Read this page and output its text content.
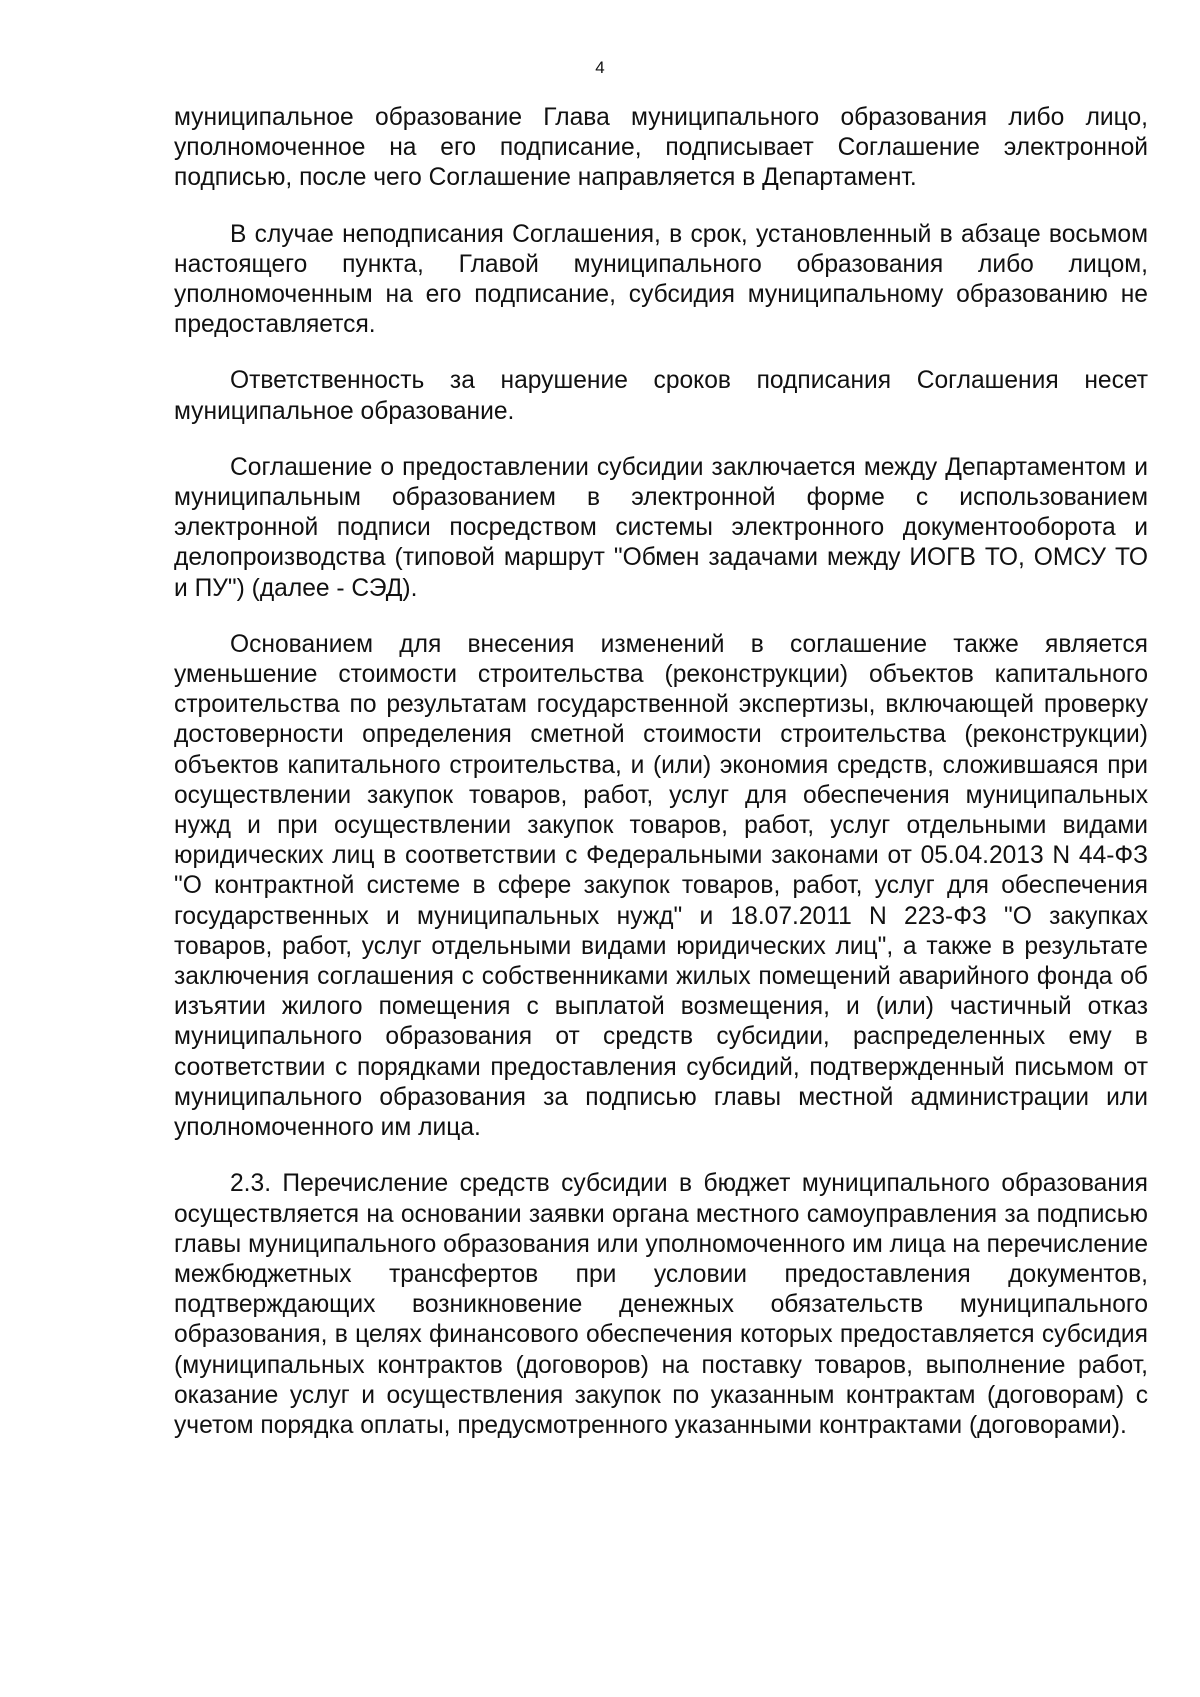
4

муниципальное образование Глава муниципального образования либо лицо, уполномоченное на его подписание, подписывает Соглашение электронной подписью, после чего Соглашение направляется в Департамент.

В случае неподписания Соглашения, в срок, установленный в абзаце восьмом настоящего пункта, Главой муниципального образования либо лицом, уполномоченным на его подписание, субсидия муниципальному образованию не предоставляется.

Ответственность за нарушение сроков подписания Соглашения несет муниципальное образование.

Соглашение о предоставлении субсидии заключается между Департаментом и муниципальным образованием в электронной форме с использованием электронной подписи посредством системы электронного документооборота и делопроизводства (типовой маршрут "Обмен задачами между ИОГВ ТО, ОМСУ ТО и ПУ") (далее - СЭД).

Основанием для внесения изменений в соглашение также является уменьшение стоимости строительства (реконструкции) объектов капитального строительства по результатам государственной экспертизы, включающей проверку достоверности определения сметной стоимости строительства (реконструкции) объектов капитального строительства, и (или) экономия средств, сложившаяся при осуществлении закупок товаров, работ, услуг для обеспечения муниципальных нужд и при осуществлении закупок товаров, работ, услуг отдельными видами юридических лиц в соответствии с Федеральными законами от 05.04.2013 N 44-ФЗ "О контрактной системе в сфере закупок товаров, работ, услуг для обеспечения государственных и муниципальных нужд" и 18.07.2011 N 223-ФЗ "О закупках товаров, работ, услуг отдельными видами юридических лиц", а также в результате заключения соглашения с собственниками жилых помещений аварийного фонда об изъятии жилого помещения с выплатой возмещения, и (или) частичный отказ муниципального образования от средств субсидии, распределенных ему в соответствии с порядками предоставления субсидий, подтвержденный письмом от муниципального образования за подписью главы местной администрации или уполномоченного им лица.

2.3. Перечисление средств субсидии в бюджет муниципального образования осуществляется на основании заявки органа местного самоуправления за подписью главы муниципального образования или уполномоченного им лица на перечисление межбюджетных трансфертов при условии предоставления документов, подтверждающих возникновение денежных обязательств муниципального образования, в целях финансового обеспечения которых предоставляется субсидия (муниципальных контрактов (договоров) на поставку товаров, выполнение работ, оказание услуг и осуществления закупок по указанным контрактам (договорам) с учетом порядка оплаты, предусмотренного указанными контрактами (договорами).
